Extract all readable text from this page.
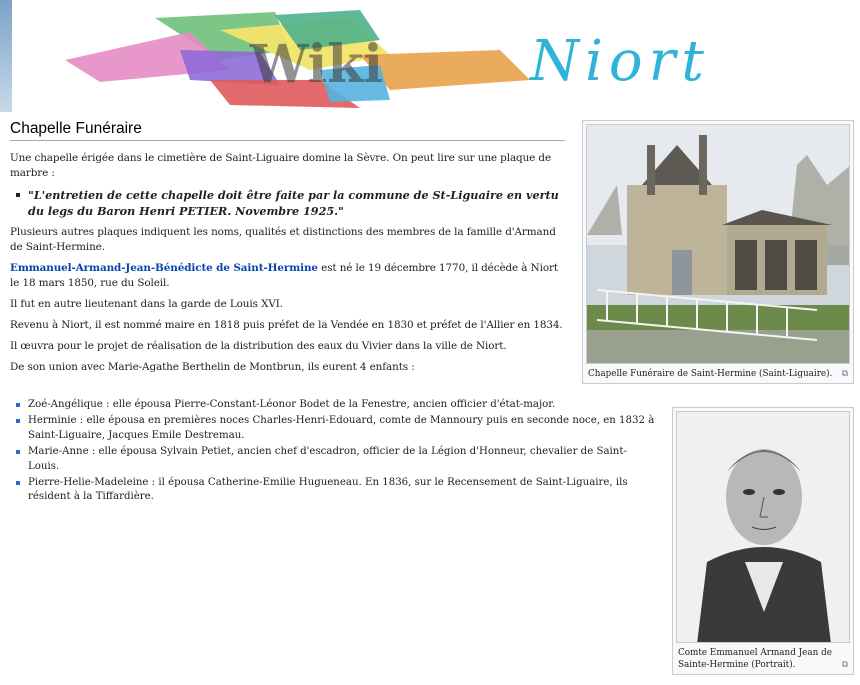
Wiki	Niort
Chapelle Funéraire

Une chapelle érigée dans le cimetière de Saint-Liguaire domine la Sèvre. On peut lire sur une plaque de marbre :

"L'entretien de cette chapelle doit être faite par la commune de St-Liguaire en vertu du legs du Baron Henri PETIER. Novembre 1925."

Plusieurs autres plaques indiquent les noms, qualités et distinctions des membres de la famille d'Armand de Saint-Hermine.

Emmanuel-Armand-Jean-Bénédicte de Saint-Hermine est né le 19 décembre 1770, il décède à Niort le 18 mars 1850, rue du Soleil.

Il fut en autre lieutenant dans la garde de Louis XVI.

Revenu à Niort, il est nommé maire en 1818 puis préfet de la Vendée en 1830 et préfet de l'Allier en 1834.

Il œuvra pour le projet de réalisation de la distribution des eaux du Vivier dans la ville de Niort.

De son union avec Marie-Agathe Berthelin de Montbrun, ils eurent 4 enfants :

Zoé-Angélique : elle épousa Pierre-Constant-Léonor Bodet de la Fenestre, ancien officier d'état-major.
Herminie : elle épousa en premières noces Charles-Henri-Edouard, comte de Mannoury puis en seconde noce, en 1832 à Saint-Liguaire, Jacques Emile Destremau.
Marie-Anne : elle épousa Sylvain Petiet, ancien chef d'escadron, officier de la Légion d'Honneur, chevalier de Saint-Louis.
Pierre-Helie-Madeleine : il épousa Catherine-Emilie Hugueneau. En 1836, sur le Recensement de Saint-Liguaire, ils résident à la Tiffardière.
Chapelle Funéraire de Saint-Hermine (Saint-Liguaire). ⧉
Comte Emmanuel Armand Jean de Sainte-Hermine (Portrait).	⧉
